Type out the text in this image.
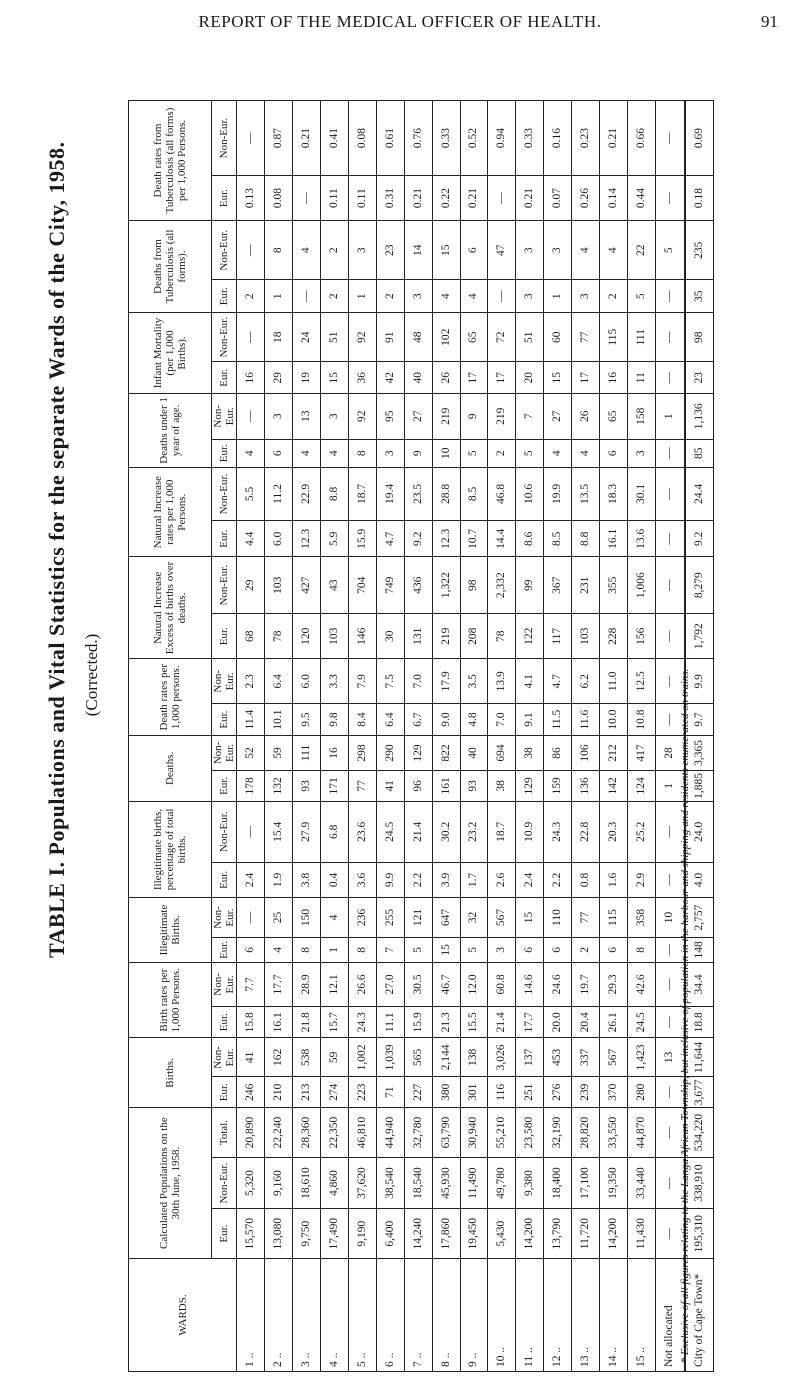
REPORT OF THE MEDICAL OFFICER OF HEALTH.	91
TABLE I. Populations and Vital Statistics for the separate Wards of the City, 1958. (Corrected.)
WARDS.	Calculated Populations on the 30th June, 1958.			Births.		Birth rates per 1,000 Persons.		Illegitimate Births.		Illegitimate births, percentage of total births.		Deaths.		Death rates per 1,000 persons.		Natural Increase Excess of births over deaths.		Natural Increase rates per 1,000 Persons.		Deaths under 1 year of age.		Infant Mortality (per 1,000 Births).		Deaths from Tuberculosis (all forms).		Death rates from Tuberculosis (all forms) per 1,000 Persons.	
	Eur.	Non-Eur.	Total.	Eur.	Non-Eur.	Eur.	Non-Eur.	Eur.	Non-Eur.	Eur.	Non-Eur.	Eur.	Non-Eur.	Eur.	Non-Eur.	Eur.	Non-Eur.	Eur.	Non-Eur.	Eur.	Non-Eur.	Eur.	Non-Eur.	Eur.	Non-Eur.	Eur.	Non-Eur.
1 ..	15,570	5,320	20,890	246	41	15.8	7.7	6	—	2.4	—	178	52	11.4	2.3	68	29	4.4	5.5	4	—	16	—	2	—	0.13	—
2 ..	13,080	9,160	22,240	210	162	16.1	17.7	4	25	1.9	15.4	132	59	10.1	6.4	78	103	6.0	11.2	6	3	29	18	1	8	0.08	0.87
3 ..	9,750	18,610	28,360	213	538	21.8	28.9	8	150	3.8	27.9	93	111	9.5	6.0	120	427	12.3	22.9	4	13	19	24	—	4	—	0.21
4 ..	17,490	4,860	22,350	274	59	15.7	12.1	1	4	0.4	6.8	171	16	9.8	3.3	103	43	5.9	8.8	4	3	15	51	2	2	0.11	0.41
5 ..	9,190	37,620	46,810	223	1,002	24.3	26.6	8	236	3.6	23.6	77	298	8.4	7.9	146	704	15.9	18.7	8	92	36	92	1	3	0.11	0.08
6 ..	6,400	38,540	44,940	71	1,039	11.1	27.0	7	255	9.9	24.5	41	290	6.4	7.5	30	749	4.7	19.4	3	95	42	91	2	23	0.31	0.61
7 ..	14,240	18,540	32,780	227	565	15.9	30.5	5	121	2.2	21.4	96	129	6.7	7.0	131	436	9.2	23.5	9	27	40	48	3	14	0.21	0.76
8 ..	17,860	45,930	63,790	380	2,144	21.3	46.7	15	647	3.9	30.2	161	822	9.0	17.9	219	1,322	12.3	28.8	10	219	26	102	4	15	0.22	0.33
9 ..	19,450	11,490	30,940	301	138	15.5	12.0	5	32	1.7	23.2	93	40	4.8	3.5	208	98	10.7	8.5	5	9	17	65	4	6	0.21	0.52
10 ..	5,430	49,780	55,210	116	3,026	21.4	60.8	3	567	2.6	18.7	38	694	7.0	13.9	78	2,332	14.4	46.8	2	219	17	72	—	47	—	0.94
11 ..	14,200	9,380	23,580	251	137	17.7	14.6	6	15	2.4	10.9	129	38	9.1	4.1	122	99	8.6	10.6	5	7	20	51	3	3	0.21	0.33
12 ..	13,790	18,400	32,190	276	453	20.0	24.6	6	110	2.2	24.3	159	86	11.5	4.7	117	367	8.5	19.9	4	27	15	60	1	3	0.07	0.16
13 ..	11,720	17,100	28,820	239	337	20.4	19.7	2	77	0.8	22.8	136	106	11.6	6.2	103	231	8.8	13.5	4	26	17	77	3	4	0.26	0.23
14 ..	14,200	19,350	33,550	370	567	26.1	29.3	6	115	1.6	20.3	142	212	10.0	11.0	228	355	16.1	18.3	6	65	16	115	2	4	0.14	0.21
15 ..	11,430	33,440	44,870	280	1,423	24.5	42.6	8	358	2.9	25.2	124	417	10.8	12.5	156	1,006	13.6	30.1	3	158	11	111	5	22	0.44	0.66
Not allocated	—	—	—	—	13	—	—	—	10	—	—	1	28	—	—	—	—	—	—	—	1	—	—	—	5	—	—
City of Cape Town*	195,310	338,910	534,220	3,677	11,644	18.8	34.4	148	2,757	4.0	24.0	1,885	3,365	9.7	9.9	1,792	8,279	9.2	24.4	85	1,136	23	98	35	235	0.18	0.69
* Exclusive of all figures relating to the Langa African Township, but inclusive of population in the harbour and shipping and residents enumerated on trains.
